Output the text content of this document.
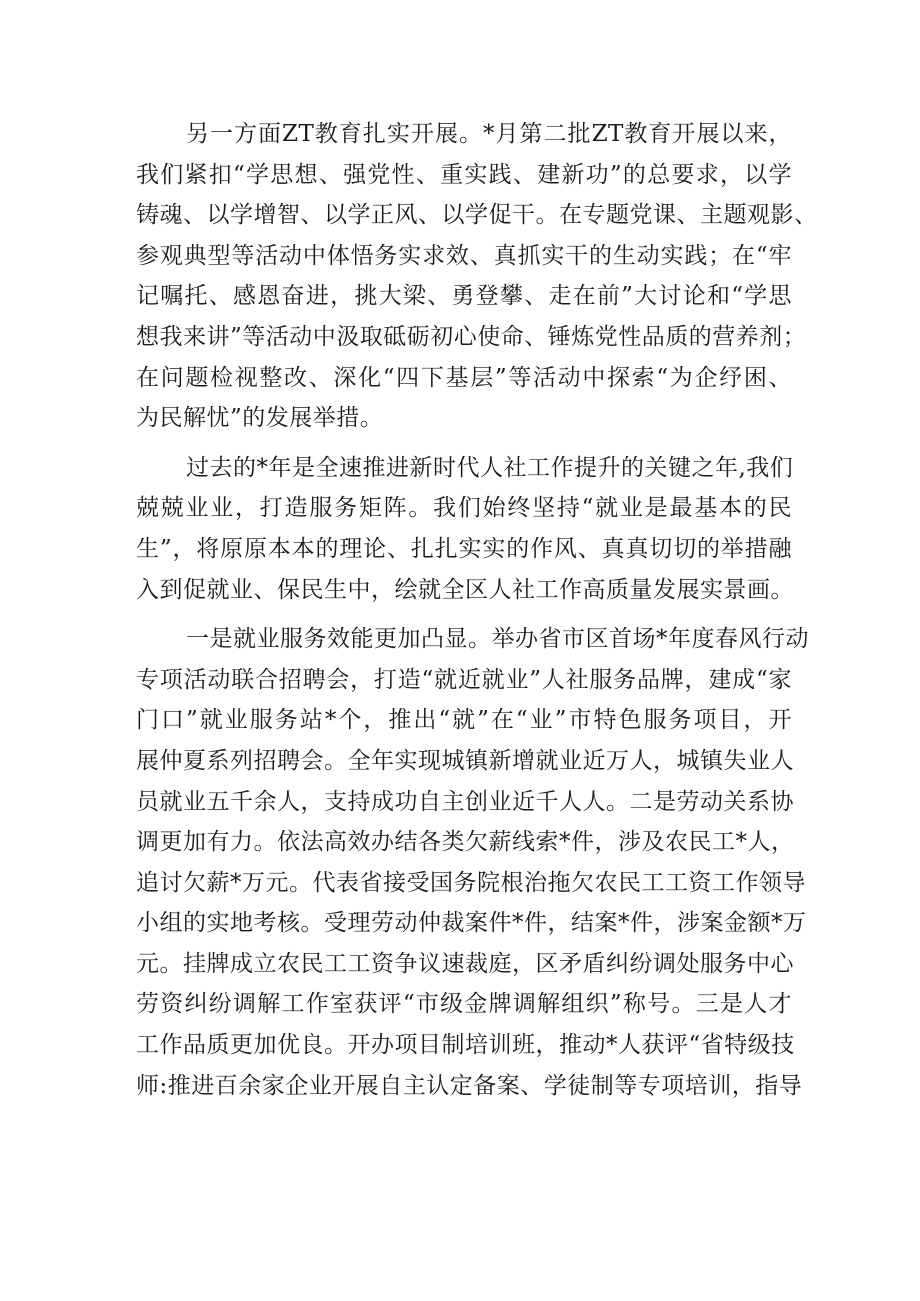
另一方面ZT教育扎实开展。*月第二批ZT教育开展以来，
我们紧扣“学思想、强党性、重实践、建新功”的总要求，以学
铸魂、以学增智、以学正风、以学促干。在专题党课、主题观影、
参观典型等活动中体悟务实求效、真抓实干的生动实践；在“牢
记嘱托、感恩奋进，挑大梁、勇登攀、走在前”大讨论和“学思
想我来讲”等活动中汲取砥砺初心使命、锤炼党性品质的营养剂；
在问题检视整改、深化“四下基层”等活动中探索“为企纾困、
为民解忧”的发展举措。
过去的*年是全速推进新时代人社工作提升的关键之年,我们
兢兢业业，打造服务矩阵。我们始终坚持“就业是最基本的民
生”，将原原本本的理论、扎扎实实的作风、真真切切的举措融
入到促就业、保民生中，绘就全区人社工作高质量发展实景画。
一是就业服务效能更加凸显。举办省市区首场*年度春风行动
专项活动联合招聘会，打造“就近就业”人社服务品牌，建成“家
门口”就业服务站*个，推出“就”在“业”市特色服务项目，开
展仲夏系列招聘会。全年实现城镇新增就业近万人，城镇失业人
员就业五千余人，支持成功自主创业近千人人。二是劳动关系协
调更加有力。依法高效办结各类欠薪线索*件，涉及农民工*人，
追讨欠薪*万元。代表省接受国务院根治拖欠农民工工资工作领导
小组的实地考核。受理劳动仲裁案件*件，结案*件，涉案金额*万
元。挂牌成立农民工工资争议速裁庭，区矛盾纠纷调处服务中心
劳资纠纷调解工作室获评“市级金牌调解组织”称号。三是人才
工作品质更加优良。开办项目制培训班，推动*人获评“省特级技
师:推进百余家企业开展自主认定备案、学徒制等专项培训，指导
